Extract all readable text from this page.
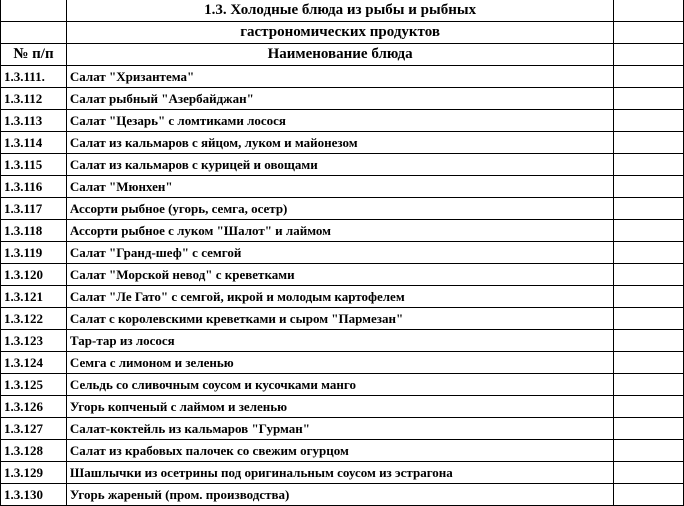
	1.3. Холодные блюда из рыбы и рыбных	
	гастрономических продуктов	
№ п/п	Наименование блюда	
1.3.111.	Салат "Хризантема"	
1.3.112	Салат рыбный "Азербайджан"	
1.3.113	Салат "Цезарь" с ломтиками лосося	
1.3.114	Салат из кальмаров с яйцом, луком и майонезом	
1.3.115	Салат из кальмаров с курицей и овощами	
1.3.116	Салат "Мюнхен"	
1.3.117	Ассорти рыбное (угорь, семга, осетр)	
1.3.118	Ассорти рыбное с луком "Шалот" и лаймом	
1.3.119	Салат "Гранд-шеф" с семгой	
1.3.120	Салат "Морской невод" с креветками	
1.3.121	Салат "Ле Гато" с семгой, икрой и молодым картофелем	
1.3.122	Салат с королевскими креветками и сыром "Пармезан"	
1.3.123	Тар-тар из лосося	
1.3.124	Семга с лимоном и зеленью	
1.3.125	Сельдь со сливочным соусом и кусочками манго	
1.3.126	Угорь копченый с лаймом и зеленью	
1.3.127	Салат-коктейль из кальмаров "Гурман"	
1.3.128	Салат из крабовых палочек со свежим огурцом	
1.3.129	Шашлычки из осетрины под оригинальным соусом из эстрагона	
1.3.130	Угорь жареный (пром. производства)	
